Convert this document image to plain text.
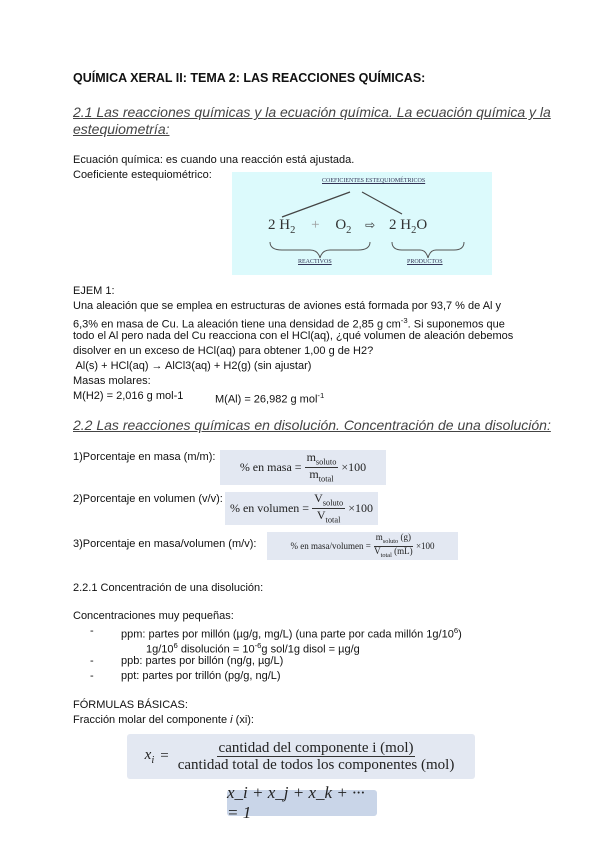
QUÍMICA XERAL II: TEMA 2: LAS REACCIONES QUÍMICAS:
2.1 Las reacciones químicas y la ecuación química. La ecuación química y la
estequiometría:
Ecuación química: es cuando una reacción está ajustada.
Coeficiente estequiométrico:	COEFICIENTES ESTEQUIOMÉTRICOS
2 $H_2 + O_2$ ⇨ 2 $H_2O$
REACTIVOS	PRODUCTOS
EJEM 1:
Una aleación que se emplea en estructuras de aviones está formada por 93,7 % de Al y
6,3% en masa de Cu. La aleación tiene una densidad de 2,85 g $cm^{-3}$. Si suponemos que
todo el Al pero nada del Cu reacciona con el HCl(aq), ¿qué volumen de aleación debemos
disolver en un exceso de HCl(aq) para obtener 1,00 g de H2?
Al(s) + HCl(aq) → AlCl3(aq) + H2(g) (sin ajustar)
Masas molares:
M(H2) = 2,016 g mol-1	M(Al) = 26,982 g mol$^{-1}$
2.2 Las reacciones químicas en disolución. Concentración de una disolución:
1)Porcentaje en masa (m/m):
% en masa = $\frac{m_{soluto}}{m_{total}} \times 100$
2)Porcentaje en volumen (v/v):
% en volumen = $\frac{V_{soluto}}{V_{total}} \times 100$
3)Porcentaje en masa/volumen (m/v):	% en masa/volumen = $\frac{m_{soluto} (g)}{V_{total} (mL)} \times 100$
2.2.1 Concentración de una disolución:
Concentraciones muy pequeñas:
- ppm: partes por millón (µg/g, mg/L) (una parte por cada millón $1g/10^6$)
$1g/10^6$ disolución = $10^{-6}g$ sol/1g disol = µg/g
- ppb: partes por billón (ng/g, µg/L)
- ppt: partes por trillón (pg/g, ng/L)
FÓRMULAS BÁSICAS:
Fracción molar del componente i (xi):
$x_i = \frac{\text{cantidad del componente i (mol)}}{\text{cantidad total de todos los componentes (mol)}}$
x_i + x_j + x_k + ··· = 1
